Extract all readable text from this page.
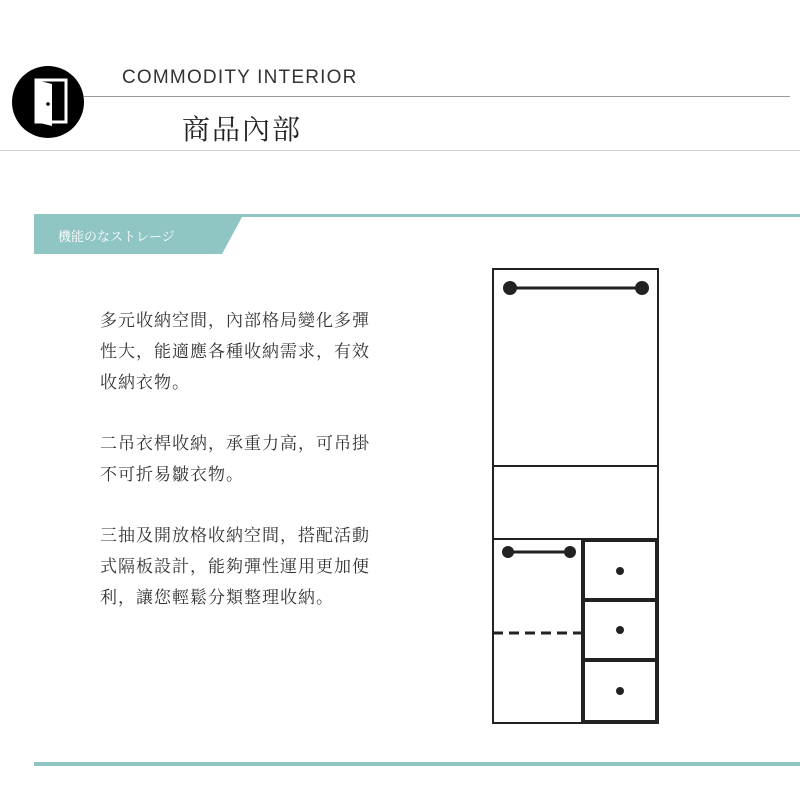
COMMODITY INTERIOR
商品內部
機能のなストレージ

多元收納空間，內部格局變化多彈
性大，能適應各種收納需求，有效
收納衣物。

二吊衣桿收納，承重力高，可吊掛
不可折易皺衣物。

三抽及開放格收納空間，搭配活動
式隔板設計，能夠彈性運用更加便
利，讓您輕鬆分類整理收納。
